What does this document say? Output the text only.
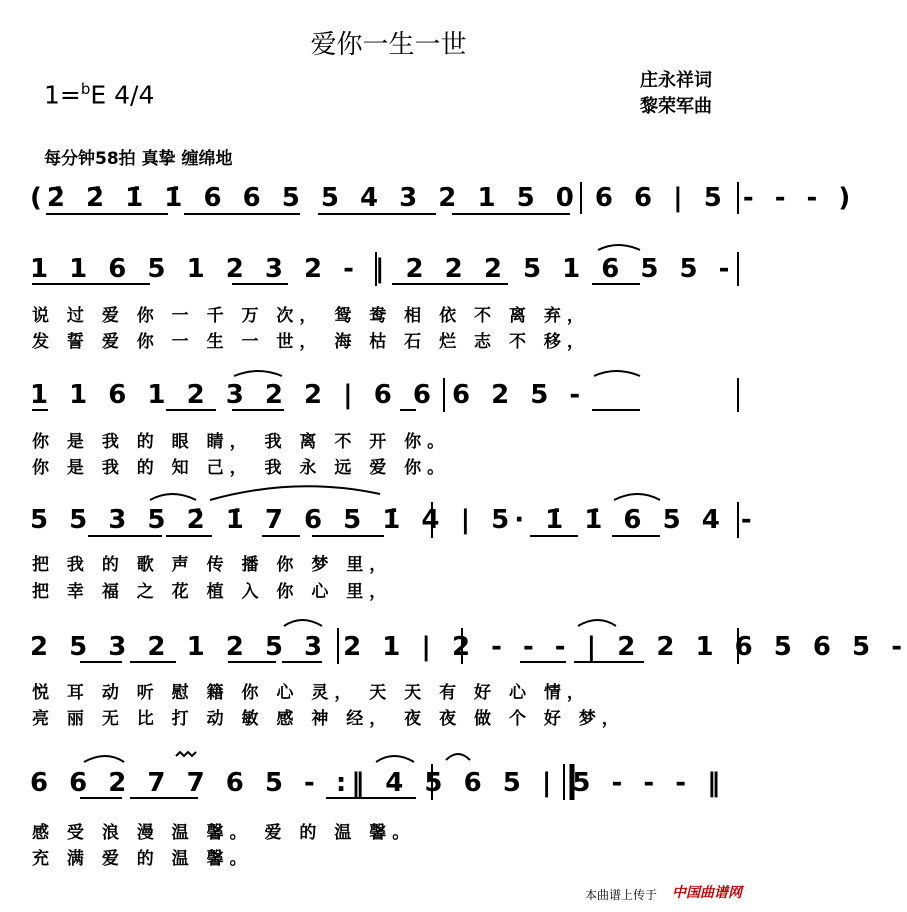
爱你一生一世
1=$^b$E 4/4	庄永祥词
黎荣军曲
每分钟58拍 真挚 缠绵地
(2̇ 2̇ 1̇ 1̇ 6 6 5 5 4 3 2 1 5 0 6 6 | 5 - - - )
1 1 6 5 1 2 3 2 - | 2 2 2 5 1 6 5 5 -
说 过 爱 你 一 千 万 次， 鸳 鸯 相 依 不 离 弃，
发 誓 爱 你 一 生 一 世， 海 枯 石 烂 志 不 移，
1 1 6 1 2 3 2 2 | 6 6 6 2 5 -
你 是 我 的 眼 睛， 我 离 不 开 你。
你 是 我 的 知 己， 我 永 远 爱 你。
5 5 3 5 2̇ 1̇ 7 6 5 1̇ 4 | 5· 1̇ 1̇ 6 5 4 -
把 我 的 歌 声 传 播 你 梦 里，
把 幸 福 之 花 植 入 你 心 里，
2 5 3 2 1 2 5 3 2 1 | 2 - - - | 2 2 1 6 5 6 5 -
悦 耳 动 听 慰 籍 你 心 灵， 天 天 有 好 心 情，
亮 丽 无 比 打 动 敏 感 神 经， 夜 夜 做 个 好 梦，
6 6 2 7 7 6 5 - :‖ 4 5 6 5 | 5 - - - ‖
感 受 浪 漫 温 馨。 爱 的 温 馨。
充 满 爱 的 温 馨。
本曲谱上传于 中国曲谱网
